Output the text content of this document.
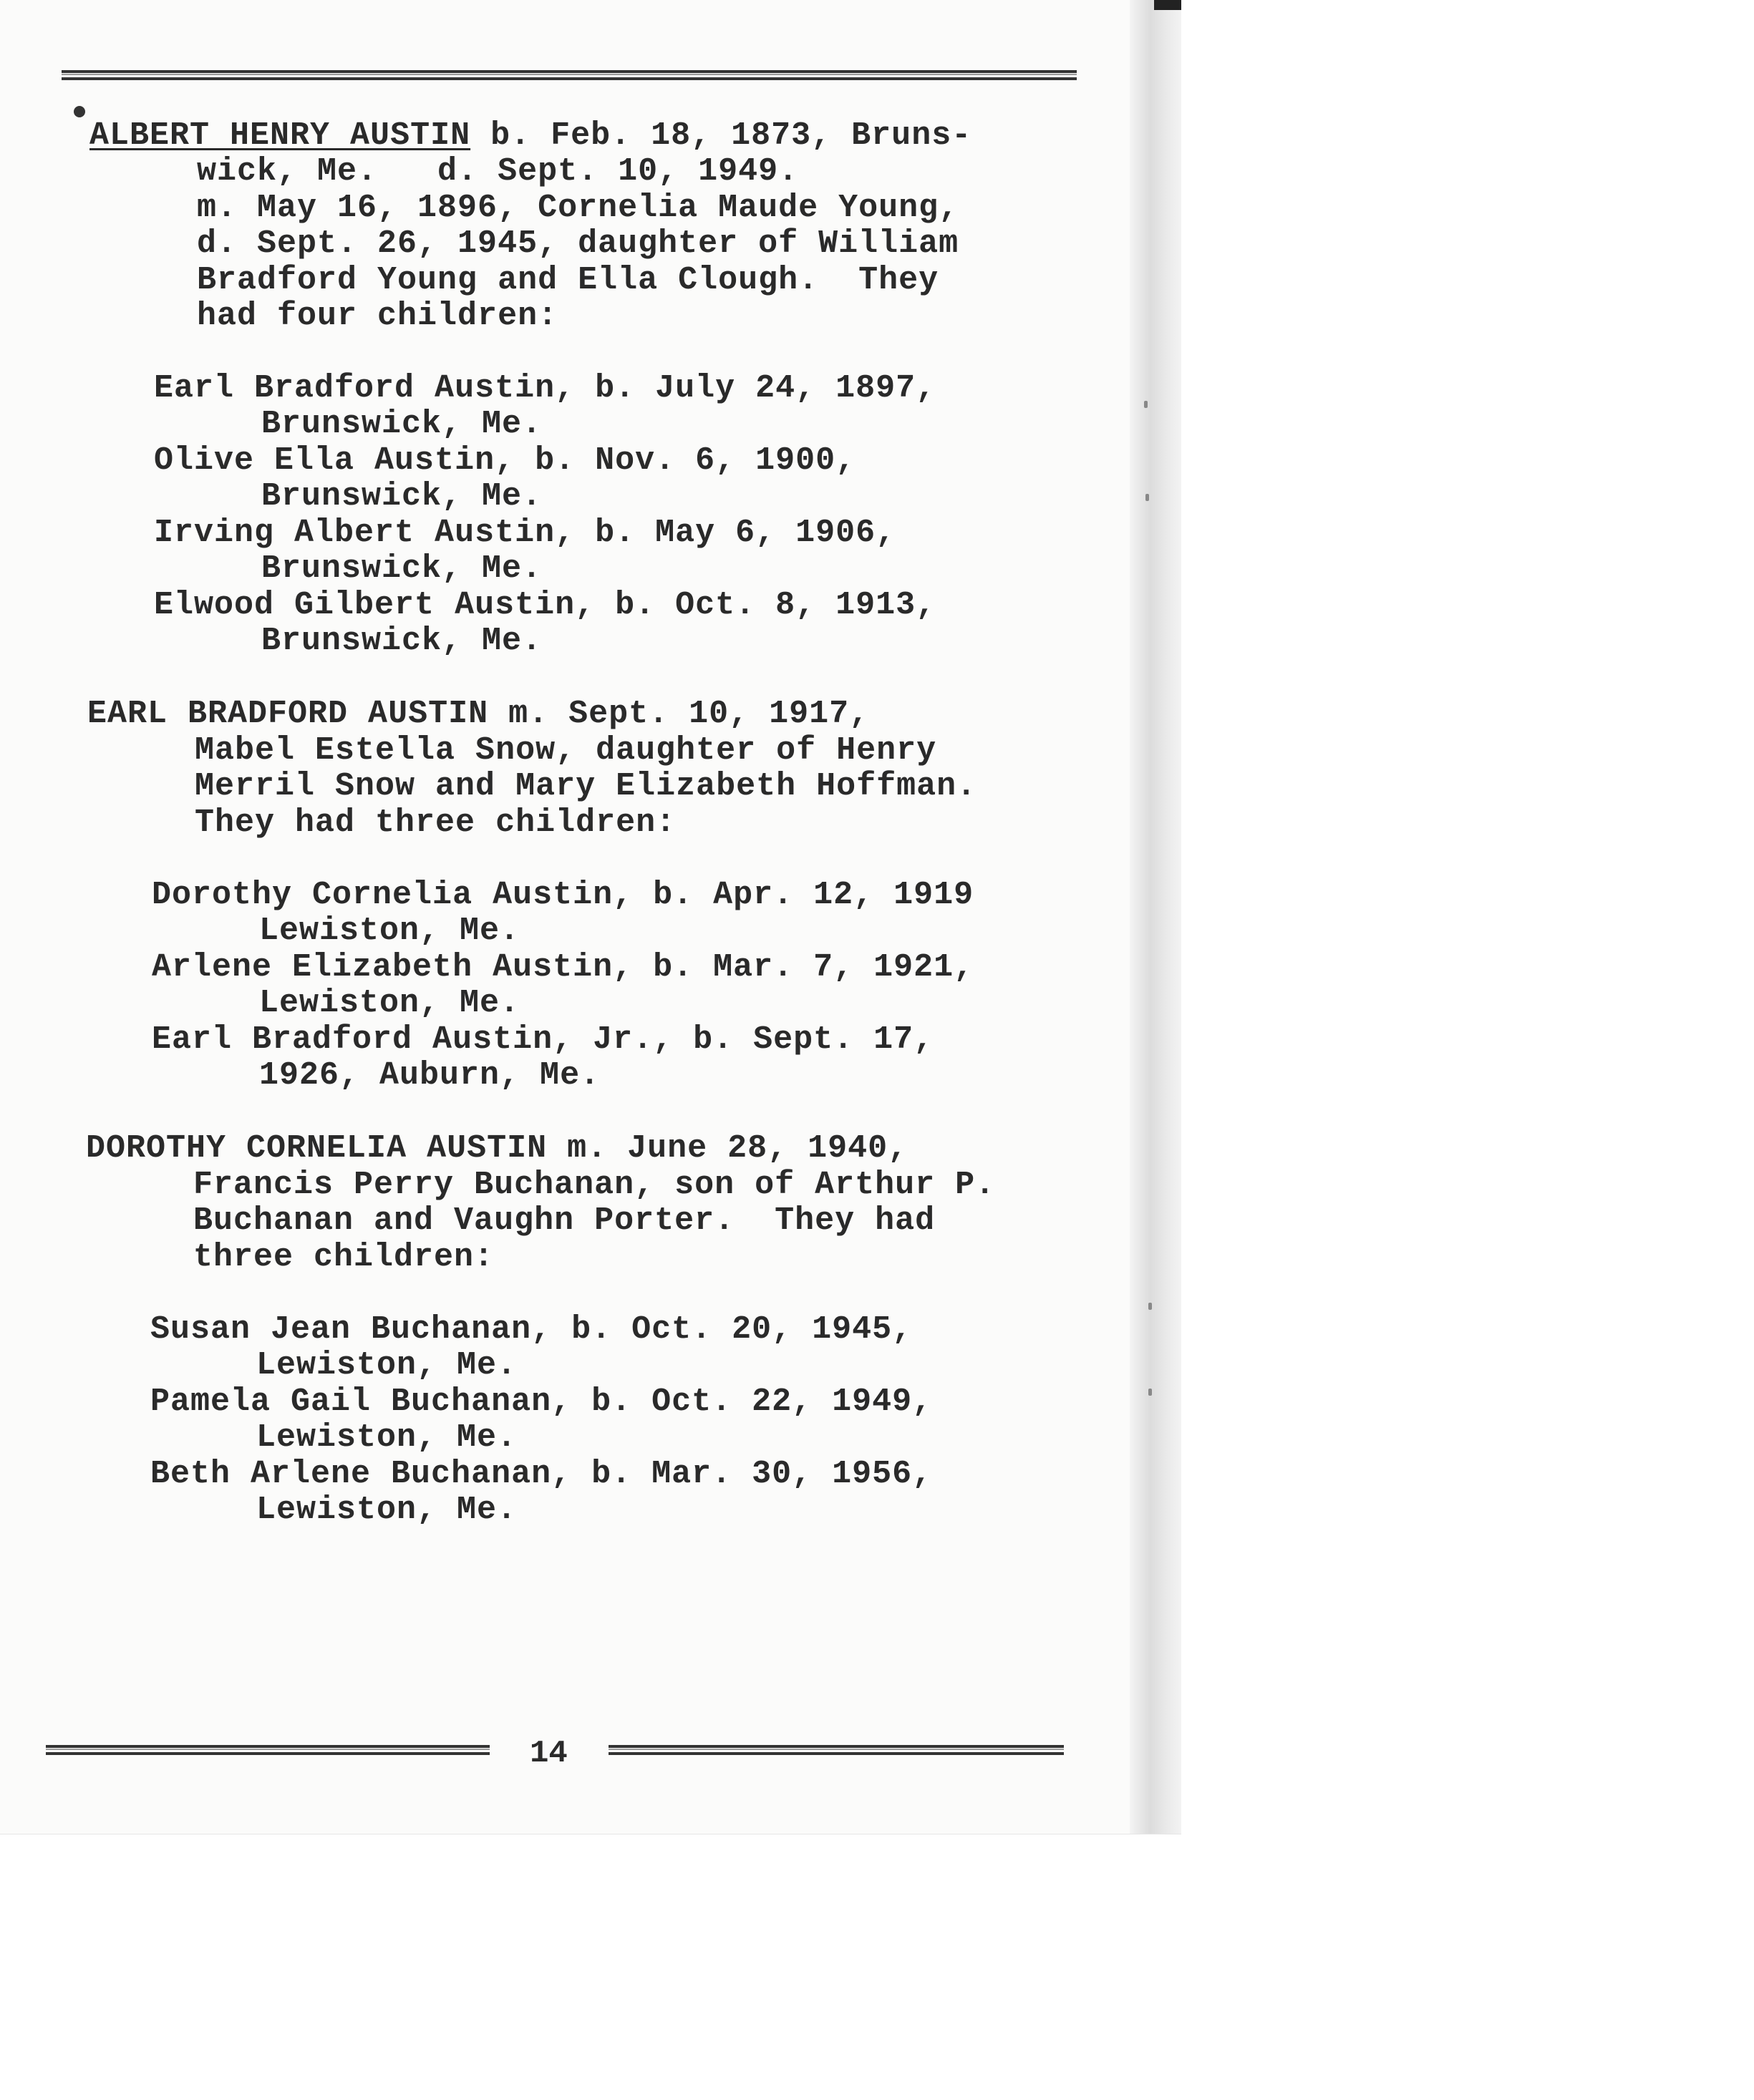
ALBERT HENRY AUSTIN b. Feb. 18, 1873, Bruns-
wick, Me.   d. Sept. 10, 1949.
m. May 16, 1896, Cornelia Maude Young,
d. Sept. 26, 1945, daughter of William
Bradford Young and Ella Clough.  They
had four children:
Earl Bradford Austin, b. July 24, 1897,
Brunswick, Me.
Olive Ella Austin, b. Nov. 6, 1900,
Brunswick, Me.
Irving Albert Austin, b. May 6, 1906,
Brunswick, Me.
Elwood Gilbert Austin, b. Oct. 8, 1913,
Brunswick, Me.
EARL BRADFORD AUSTIN m. Sept. 10, 1917,
Mabel Estella Snow, daughter of Henry
Merril Snow and Mary Elizabeth Hoffman.
They had three children:
Dorothy Cornelia Austin, b. Apr. 12, 1919
Lewiston, Me.
Arlene Elizabeth Austin, b. Mar. 7, 1921,
Lewiston, Me.
Earl Bradford Austin, Jr., b. Sept. 17,
1926, Auburn, Me.
DOROTHY CORNELIA AUSTIN m. June 28, 1940,
Francis Perry Buchanan, son of Arthur P.
Buchanan and Vaughn Porter.  They had
three children:
Susan Jean Buchanan, b. Oct. 20, 1945,
Lewiston, Me.
Pamela Gail Buchanan, b. Oct. 22, 1949,
Lewiston, Me.
Beth Arlene Buchanan, b. Mar. 30, 1956,
Lewiston, Me.
14
